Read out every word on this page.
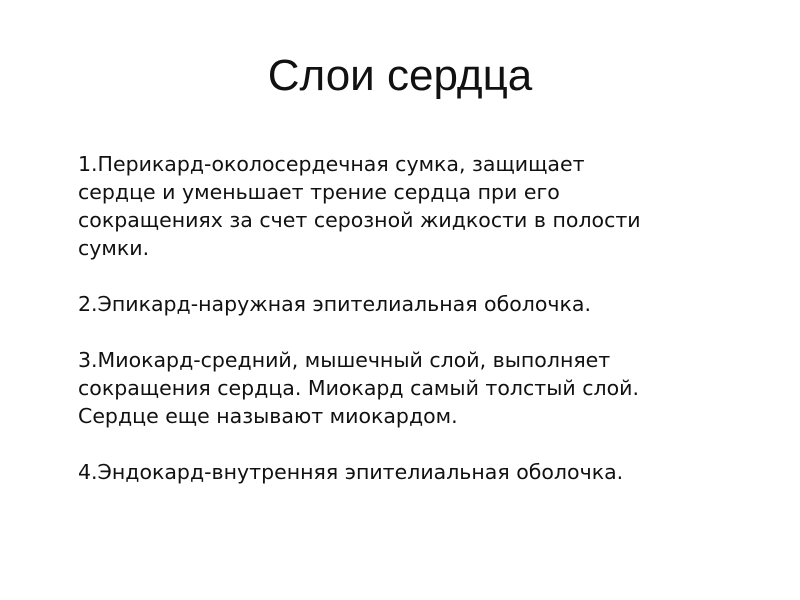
Слои сердца

1.Перикард-околосердечная сумка, защищает
сердце и уменьшает трение сердца при его
сокращениях за счет серозной жидкости в полости
сумки.

2.Эпикард-наружная эпителиальная оболочка.

3.Миокард-средний, мышечный слой, выполняет
сокращения сердца. Миокард самый толстый слой.
Сердце еще называют миокардом.

4.Эндокард-внутренняя эпителиальная оболочка.
